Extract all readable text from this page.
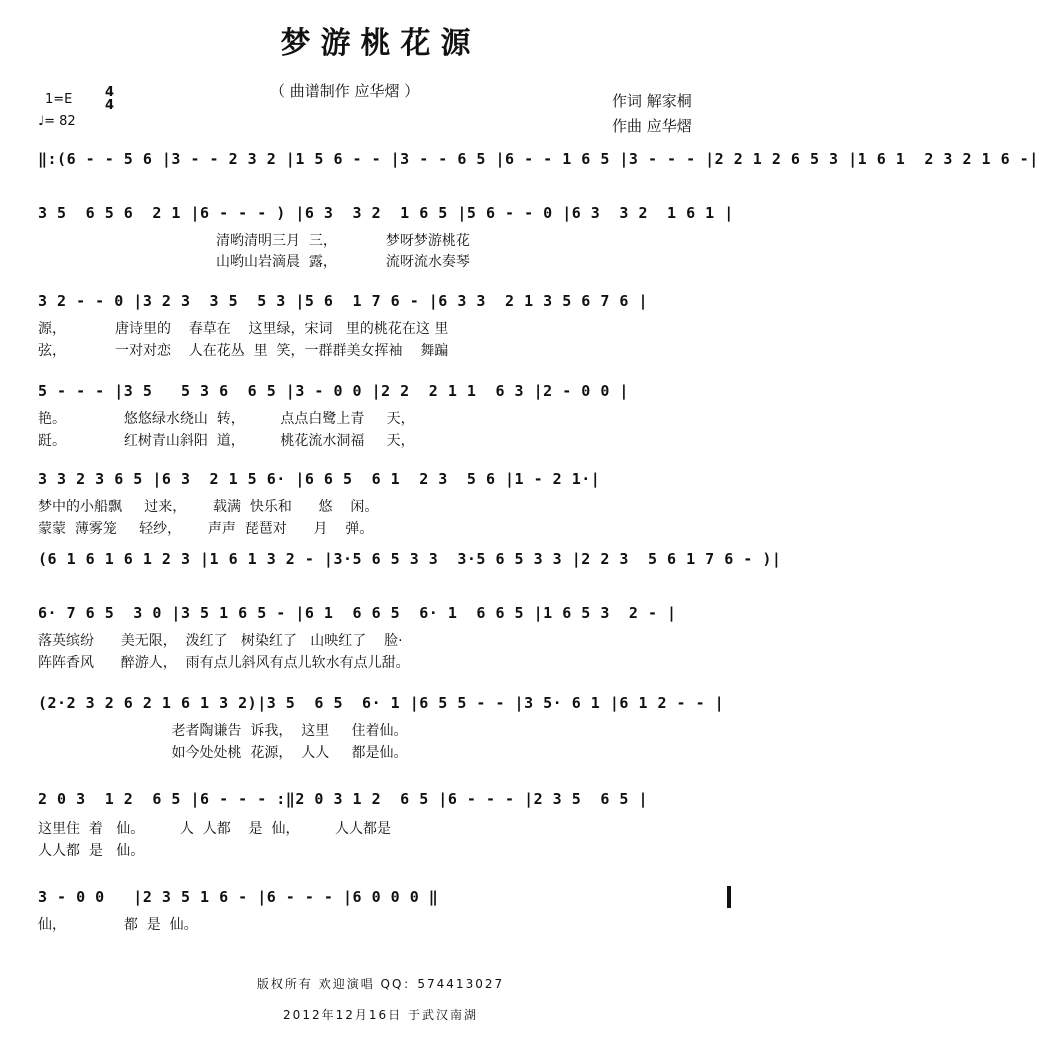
梦游桃花源
（ 曲谱制作 应华熠 ）
1=E	4
4
♩= 82
作词 解家桐
作曲 应华熠
‖:(6 - - 5 6 |3 - - 2 3 2 |1 5 6 - - |3 - - 6 5 |6 - - 1 6 5 |3 - - - |2 2 1 2 6 5 3 |1 6 1  2 3 2 1 6 -|
3 5  6 5 6  2 1 |6 - - - ) |6 3  3 2  1 6 5 |5 6 - - 0 |6 3  3 2  1 6 1 |
清哟清明三月  三，           梦呀梦游桃花
山哟山岩滴晨  露，           流呀流水奏琴
3 2 - - 0 |3 2 3  3 5  5 3 |5 6  1 7 6 - |6 3 3  2 1 3 5 6 7 6 |
源，           唐诗里的    春草在    这里绿，宋词   里的桃花在这 里
弦，           一对对恋    人在花丛  里  笑，一群群美女挥袖    舞蹁
5 - - - |3 5   5 3 6  6 5 |3 - 0 0 |2 2  2 1 1  6 3 |2 - 0 0 |
艳。             悠悠绿水绕山  转，        点点白鹭上青     天，
跹。             红树青山斜阳  道，        桃花流水洞福     天，
3 3 2 3 6 5 |6 3  2 1 5 6· |6 6 5  6 1  2 3  5 6 |1 - 2 1·|
梦中的小船飘     过来，      载满  快乐和      悠    闲。
蒙蒙  薄雾笼     轻纱，      声声  琵琶对      月    弹。
(6 1 6 1 6 1 2 3 |1 6 1 3 2 - |3·5 6 5 3 3  3·5 6 5 3 3 |2 2 3  5 6 1 7 6 - )|
6· 7 6 5  3 0 |3 5 1 6 5 - |6 1  6 6 5  6· 1  6 6 5 |1 6 5 3  2 - |
落英缤纷      美无限，  泼红了   树染红了   山映红了    脸·
阵阵香风      醉游人，  雨有点儿斜风有点儿软水有点儿甜。
(2·2 3 2 6 2 1 6 1 3 2)|3 5  6 5  6· 1 |6 5 5 - - |3 5· 6 1 |6 1 2 - - |
老者陶谦告  诉我，  这里     住着仙。
如今处处桃  花源，  人人     都是仙。
2 0 3  1 2  6 5 |6 - - - :‖2 0 3 1 2  6 5 |6 - - - |2 3 5  6 5 |
这里住  着   仙。        人  人都    是  仙，        人人都是
人人都  是   仙。
3 - 0 0   |2 3 5 1 6 - |6 - - - |6 0 0 0 ‖
仙，             都  是  仙。
版权所有 欢迎演唱 QQ：574413027
2012年12月16日 于武汉南湖
